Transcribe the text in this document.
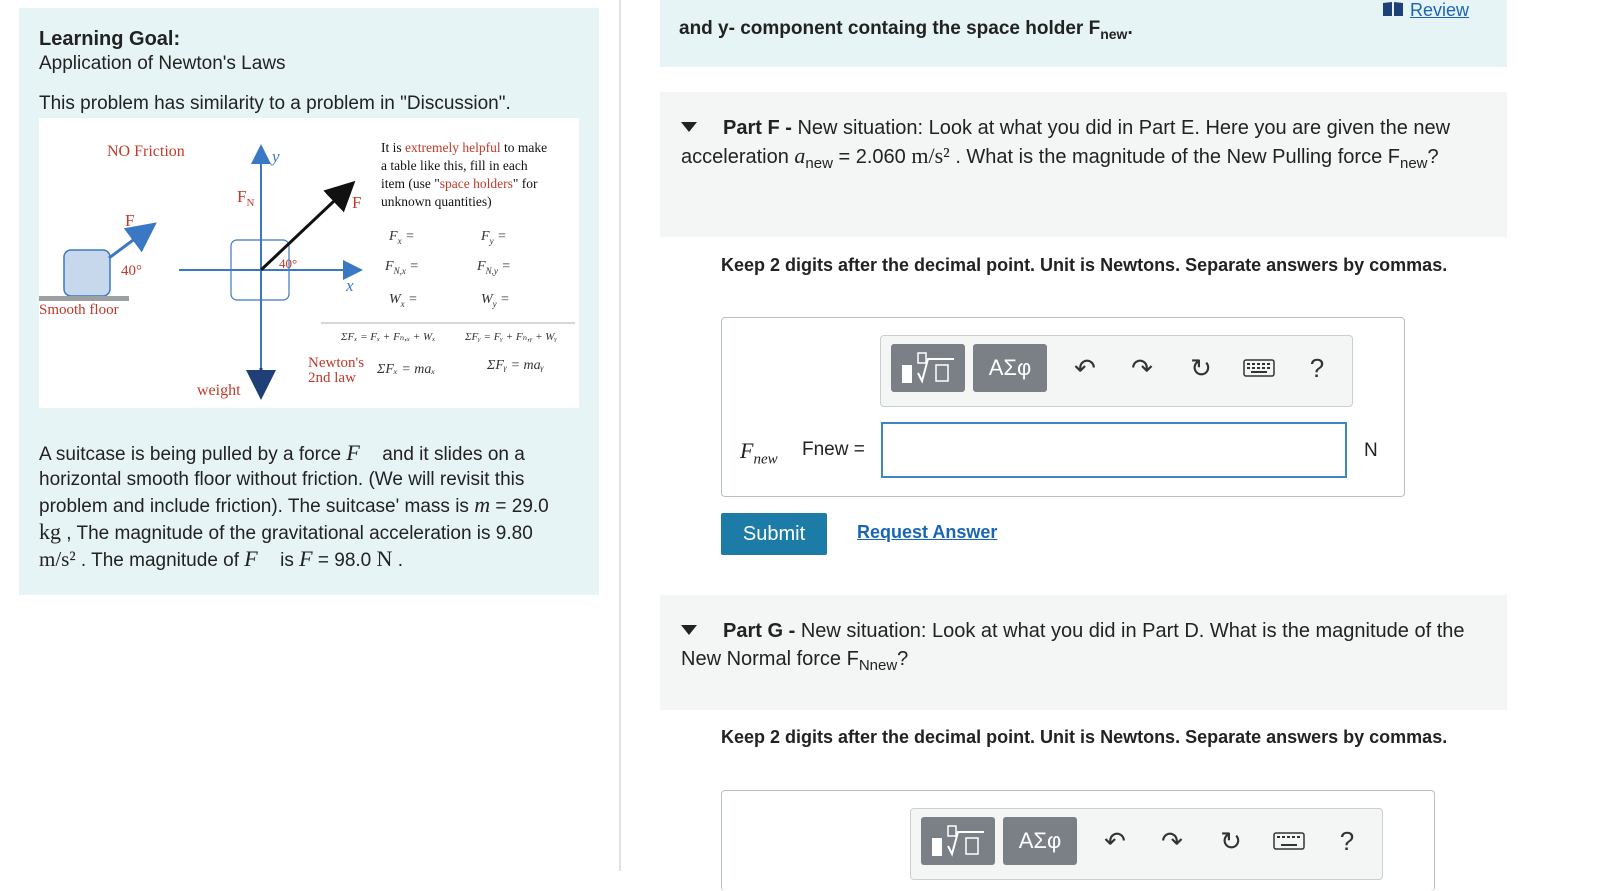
Learning Goal:
Application of Newton's Laws
This problem has similarity to a problem in "Discussion".
NO Friction
F
40°
Smooth floor
y
x
$F_N$	F
40°
weight
It is extremely helpful to make a table like this, fill in each item (use "space holders" for unknown quantities)
$F_x$ =	$F_y$ =
$F_{N,x}$ =	$F_{N,y}$ =
$W_x$ =	$W_y$ =
ΣFₓ = Fₓ + Fₙ,ₓ + Wₓ	ΣFᵧ = Fᵧ + Fₙ,ᵧ + Wᵧ
ΣFₓ = maₓ	ΣFᵧ = maᵧ
Newton's
2nd law
A suitcase is being pulled by a force F⃗ and it slides on a horizontal smooth floor without friction. (We will revisit this problem and include friction). The suitcase' mass is m = 29.0
kg , The magnitude of the gravitational acceleration is 9.80
m/s² . The magnitude of F⃗ is F = 98.0 N .
and y- component containg the space holder $F_{new}$.
Review
Part F - New situation: Look at what you did in Part E. Here you are given the new acceleration $a_{new} = 2.060$ m/s² . What is the magnitude of the New Pulling force $F_{new}$?
Keep 2 digits after the decimal point. Unit is Newtons. Separate answers by commas.
ΑΣφ	↶ ↷ ↻	?
$F_{new}$ Fnew =	N
Submit	Request Answer
Part G - New situation: Look at what you did in Part D. What is the magnitude of the New Normal force $F_{Nnew}$?
Keep 2 digits after the decimal point. Unit is Newtons. Separate answers by commas.
ΑΣφ	↶ ↷ ↻	?
